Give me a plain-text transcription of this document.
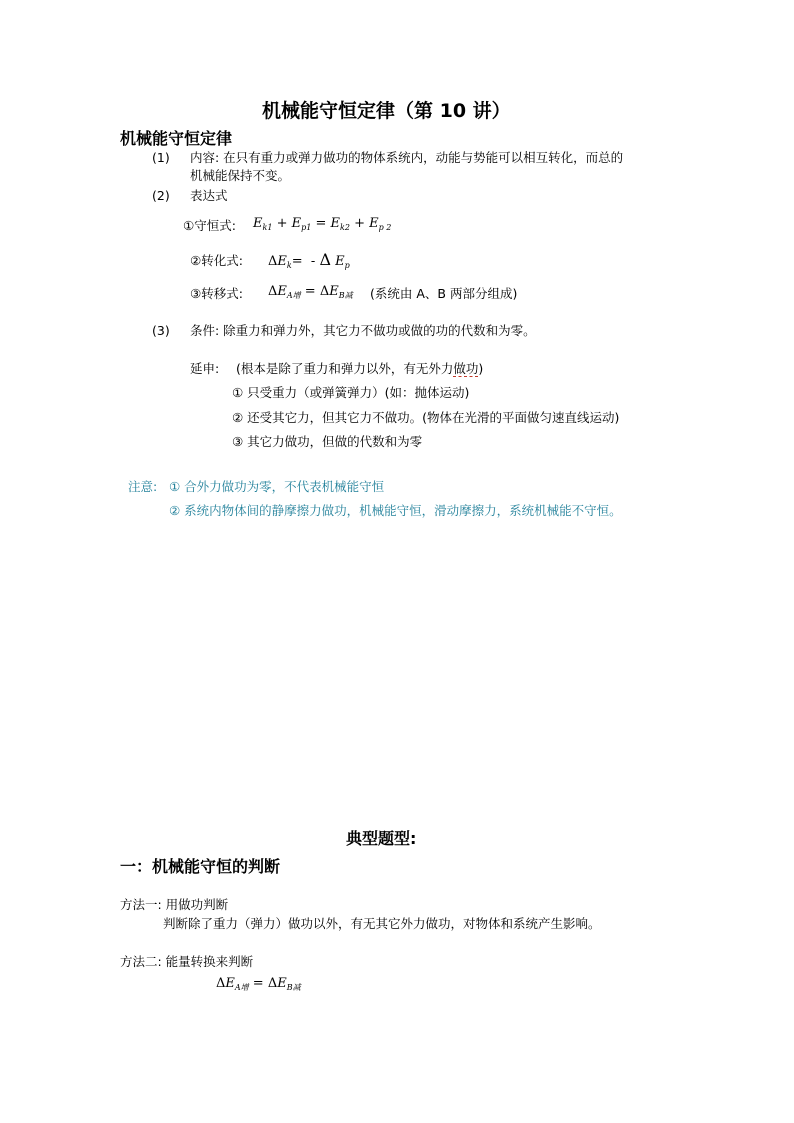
机械能守恒定律（第 10 讲）
机械能守恒定律
(1) 内容: 在只有重力或弹力做功的物体系统内，动能与势能可以相互转化，而总的
机械能保持不变。
(2) 表达式
①守恒式: $E_{k1} + E_{p1} = E_{k2} + E_{p 2}$
②转化式: $\Delta E_k= - \Delta$ $E_p$
③转移式: $\Delta E_{A增} = \Delta E_{B减}$ (系统由 A、B 两部分组成)
(3) 条件: 除重力和弹力外，其它力不做功或做的功的代数和为零。
延申: (根本是除了重力和弹力以外，有无外力做功)
① 只受重力（或弹簧弹力）(如：抛体运动)
② 还受其它力，但其它力不做功。(物体在光滑的平面做匀速直线运动)
③ 其它力做功，但做的代数和为零
注意: ① 合外力做功为零，不代表机械能守恒
② 系统内物体间的静摩擦力做功，机械能守恒，滑动摩擦力，系统机械能不守恒。
典型题型:
一：机械能守恒的判断
方法一: 用做功判断
判断除了重力（弹力）做功以外，有无其它外力做功，对物体和系统产生影响。
方法二: 能量转换来判断
$\Delta E_{A增} = \Delta E_{B减}$
